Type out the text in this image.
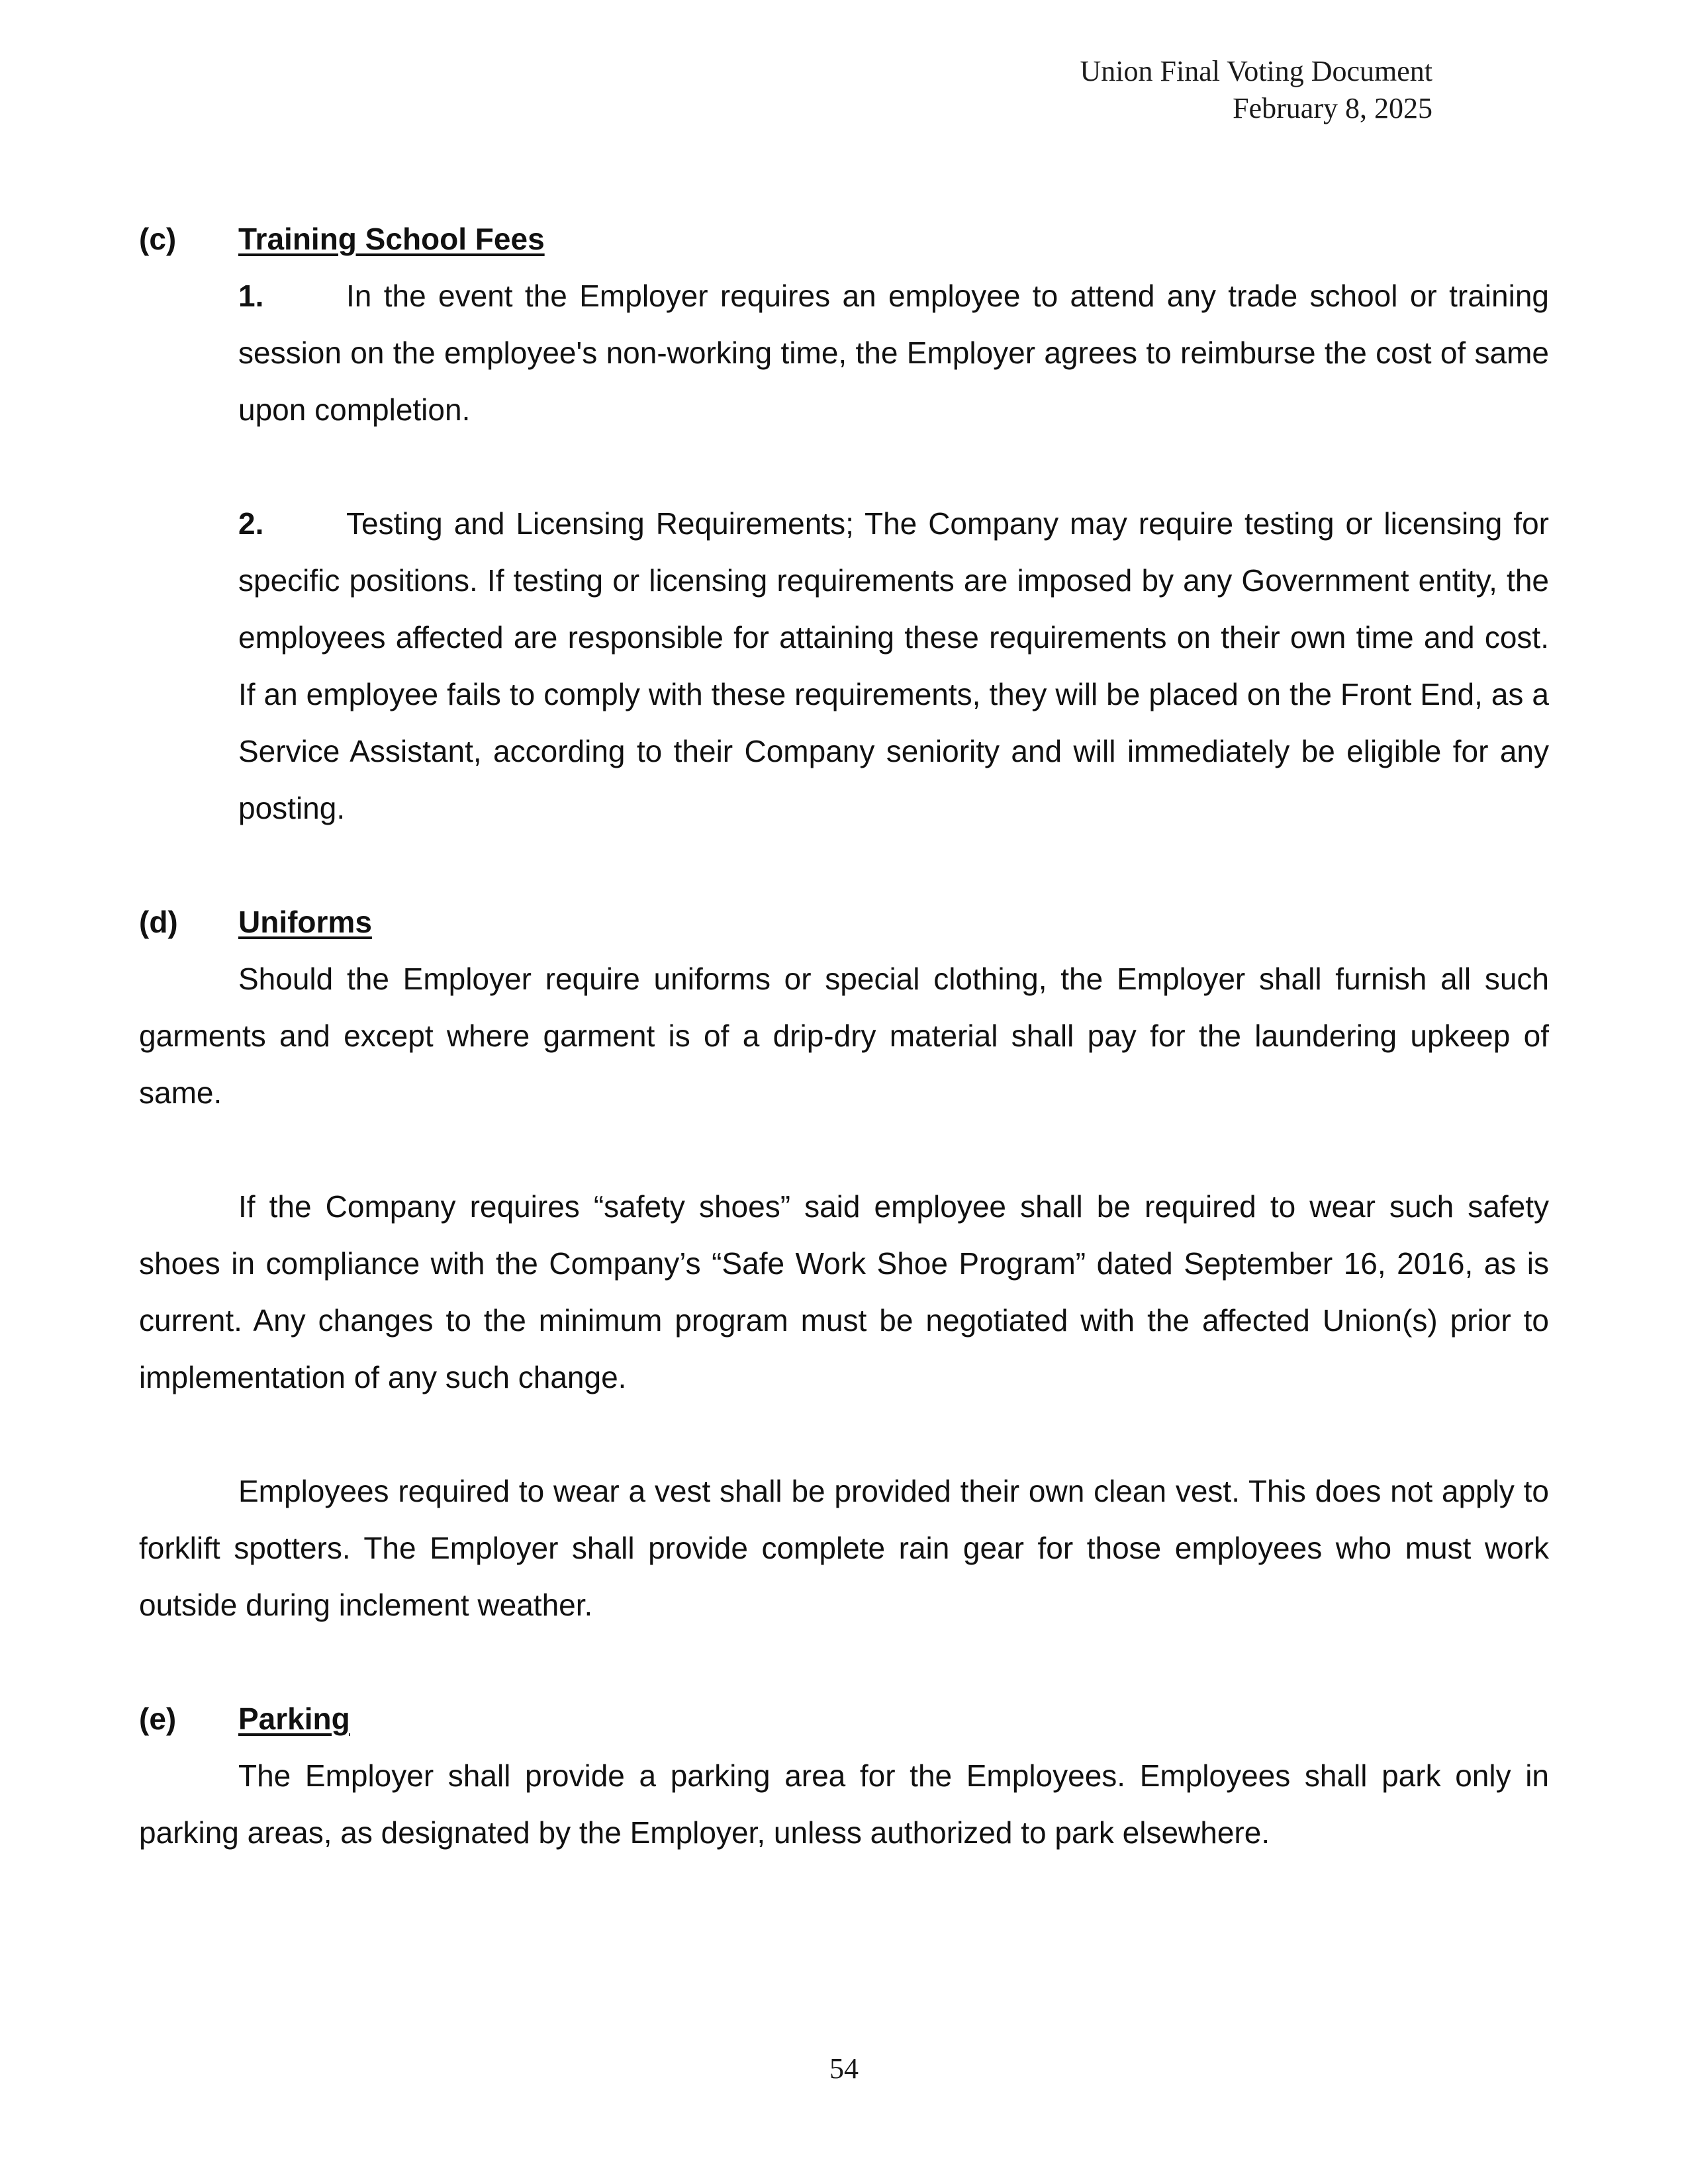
Union Final Voting Document
February 8, 2025
(c)	Training School Fees
1.	In the event the Employer requires an employee to attend any trade school or training session on the employee's non-working time, the Employer agrees to reimburse the cost of same upon completion.
2.	Testing and Licensing Requirements; The Company may require testing or licensing for specific positions. If testing or licensing requirements are imposed by any Government entity, the employees affected are responsible for attaining these requirements on their own time and cost. If an employee fails to comply with these requirements, they will be placed on the Front End, as a Service Assistant, according to their Company seniority and will immediately be eligible for any posting.
(d)	Uniforms
Should the Employer require uniforms or special clothing, the Employer shall furnish all such garments and except where garment is of a drip-dry material shall pay for the laundering upkeep of same.
If the Company requires “safety shoes” said employee shall be required to wear such safety shoes in compliance with the Company’s “Safe Work Shoe Program” dated September 16, 2016, as is current. Any changes to the minimum program must be negotiated with the affected Union(s) prior to implementation of any such change.
Employees required to wear a vest shall be provided their own clean vest. This does not apply to forklift spotters. The Employer shall provide complete rain gear for those employees who must work outside during inclement weather.
(e)	Parking
The Employer shall provide a parking area for the Employees. Employees shall park only in parking areas, as designated by the Employer, unless authorized to park elsewhere.
54
